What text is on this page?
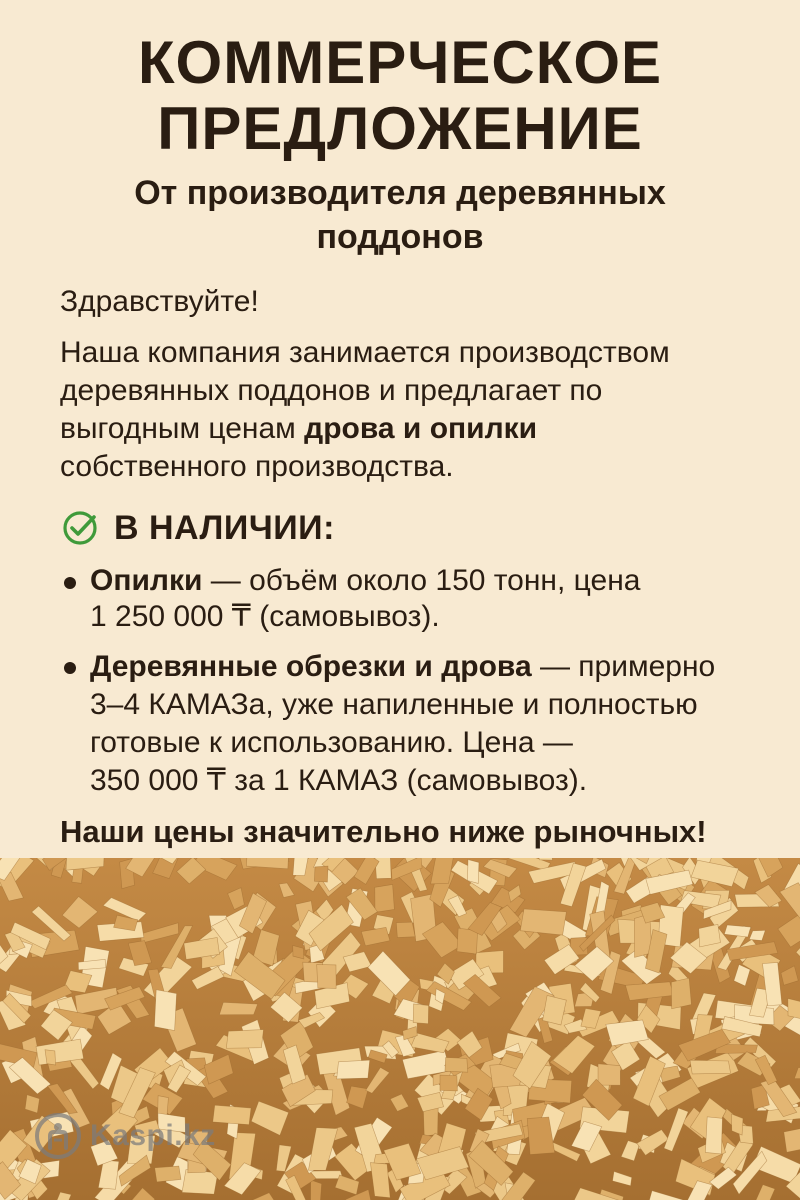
КОММЕРЧЕСКОЕ
ПРЕДЛОЖЕНИЕ
От производителя деревянных
поддонов
Здравствуйте!
Наша компания занимается производством
деревянных поддонов и предлагает по
выгодным ценам дрова и опилки
собственного производства.
В НАЛИЧИИ:
Опилки — объём около 150 тонн, цена
1 250 000 ₸ (самовывоз).
Деревянные обрезки и дрова — примерно
3–4 КАМАЗа, уже напиленные и полностью
готовые к использованию. Цена —
350 000 ₸ за 1 КАМАЗ (самовывоз).
Наши цены значительно ниже рыночных!
Kaspi.kz
